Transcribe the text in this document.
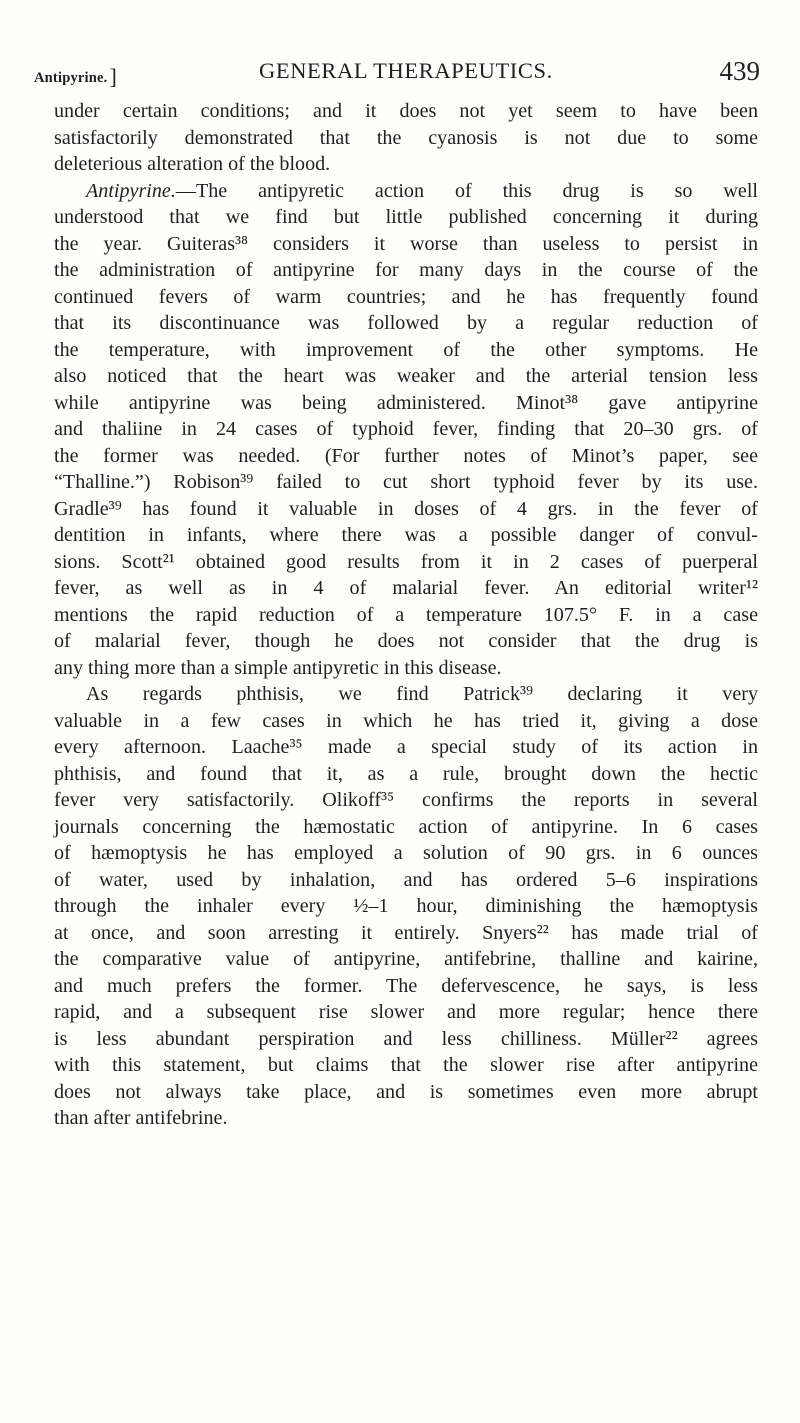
Antipyrine.]	GENERAL THERAPEUTICS.	439

under certain conditions; and it does not yet seem to have been
satisfactorily demonstrated that the cyanosis is not due to some
deleterious alteration of the blood.

Antipyrine.—The antipyretic action of this drug is so well
understood that we find but little published concerning it during
the year. Guiteras³⁸ considers it worse than useless to persist in
the administration of antipyrine for many days in the course of the
continued fevers of warm countries; and he has frequently found
that its discontinuance was followed by a regular reduction of
the temperature, with improvement of the other symptoms. He
also noticed that the heart was weaker and the arterial tension less
while antipyrine was being administered. Minot³⁸ gave antipyrine
and thaliine in 24 cases of typhoid fever, finding that 20–30 grs. of
the former was needed. (For further notes of Minot’s paper, see
“Thalline.”) Robison³⁹ failed to cut short typhoid fever by its use.
Gradle³⁹ has found it valuable in doses of 4 grs. in the fever of
dentition in infants, where there was a possible danger of convul-
sions. Scott²¹ obtained good results from it in 2 cases of puerperal
fever, as well as in 4 of malarial fever. An editorial writer¹²
mentions the rapid reduction of a temperature 107.5° F. in a case
of malarial fever, though he does not consider that the drug is
any thing more than a simple antipyretic in this disease.

As regards phthisis, we find Patrick³⁹ declaring it very
valuable in a few cases in which he has tried it, giving a dose
every afternoon. Laache³⁵ made a special study of its action in
phthisis, and found that it, as a rule, brought down the hectic
fever very satisfactorily. Olikoff³⁵ confirms the reports in several
journals concerning the hæmostatic action of antipyrine. In 6 cases
of hæmoptysis he has employed a solution of 90 grs. in 6 ounces
of water, used by inhalation, and has ordered 5–6 inspirations
through the inhaler every ½–1 hour, diminishing the hæmoptysis
at once, and soon arresting it entirely. Snyers²² has made trial of
the comparative value of antipyrine, antifebrine, thalline and kairine,
and much prefers the former. The defervescence, he says, is less
rapid, and a subsequent rise slower and more regular; hence there
is less abundant perspiration and less chilliness. Müller²² agrees
with this statement, but claims that the slower rise after antipyrine
does not always take place, and is sometimes even more abrupt
than after antifebrine.
